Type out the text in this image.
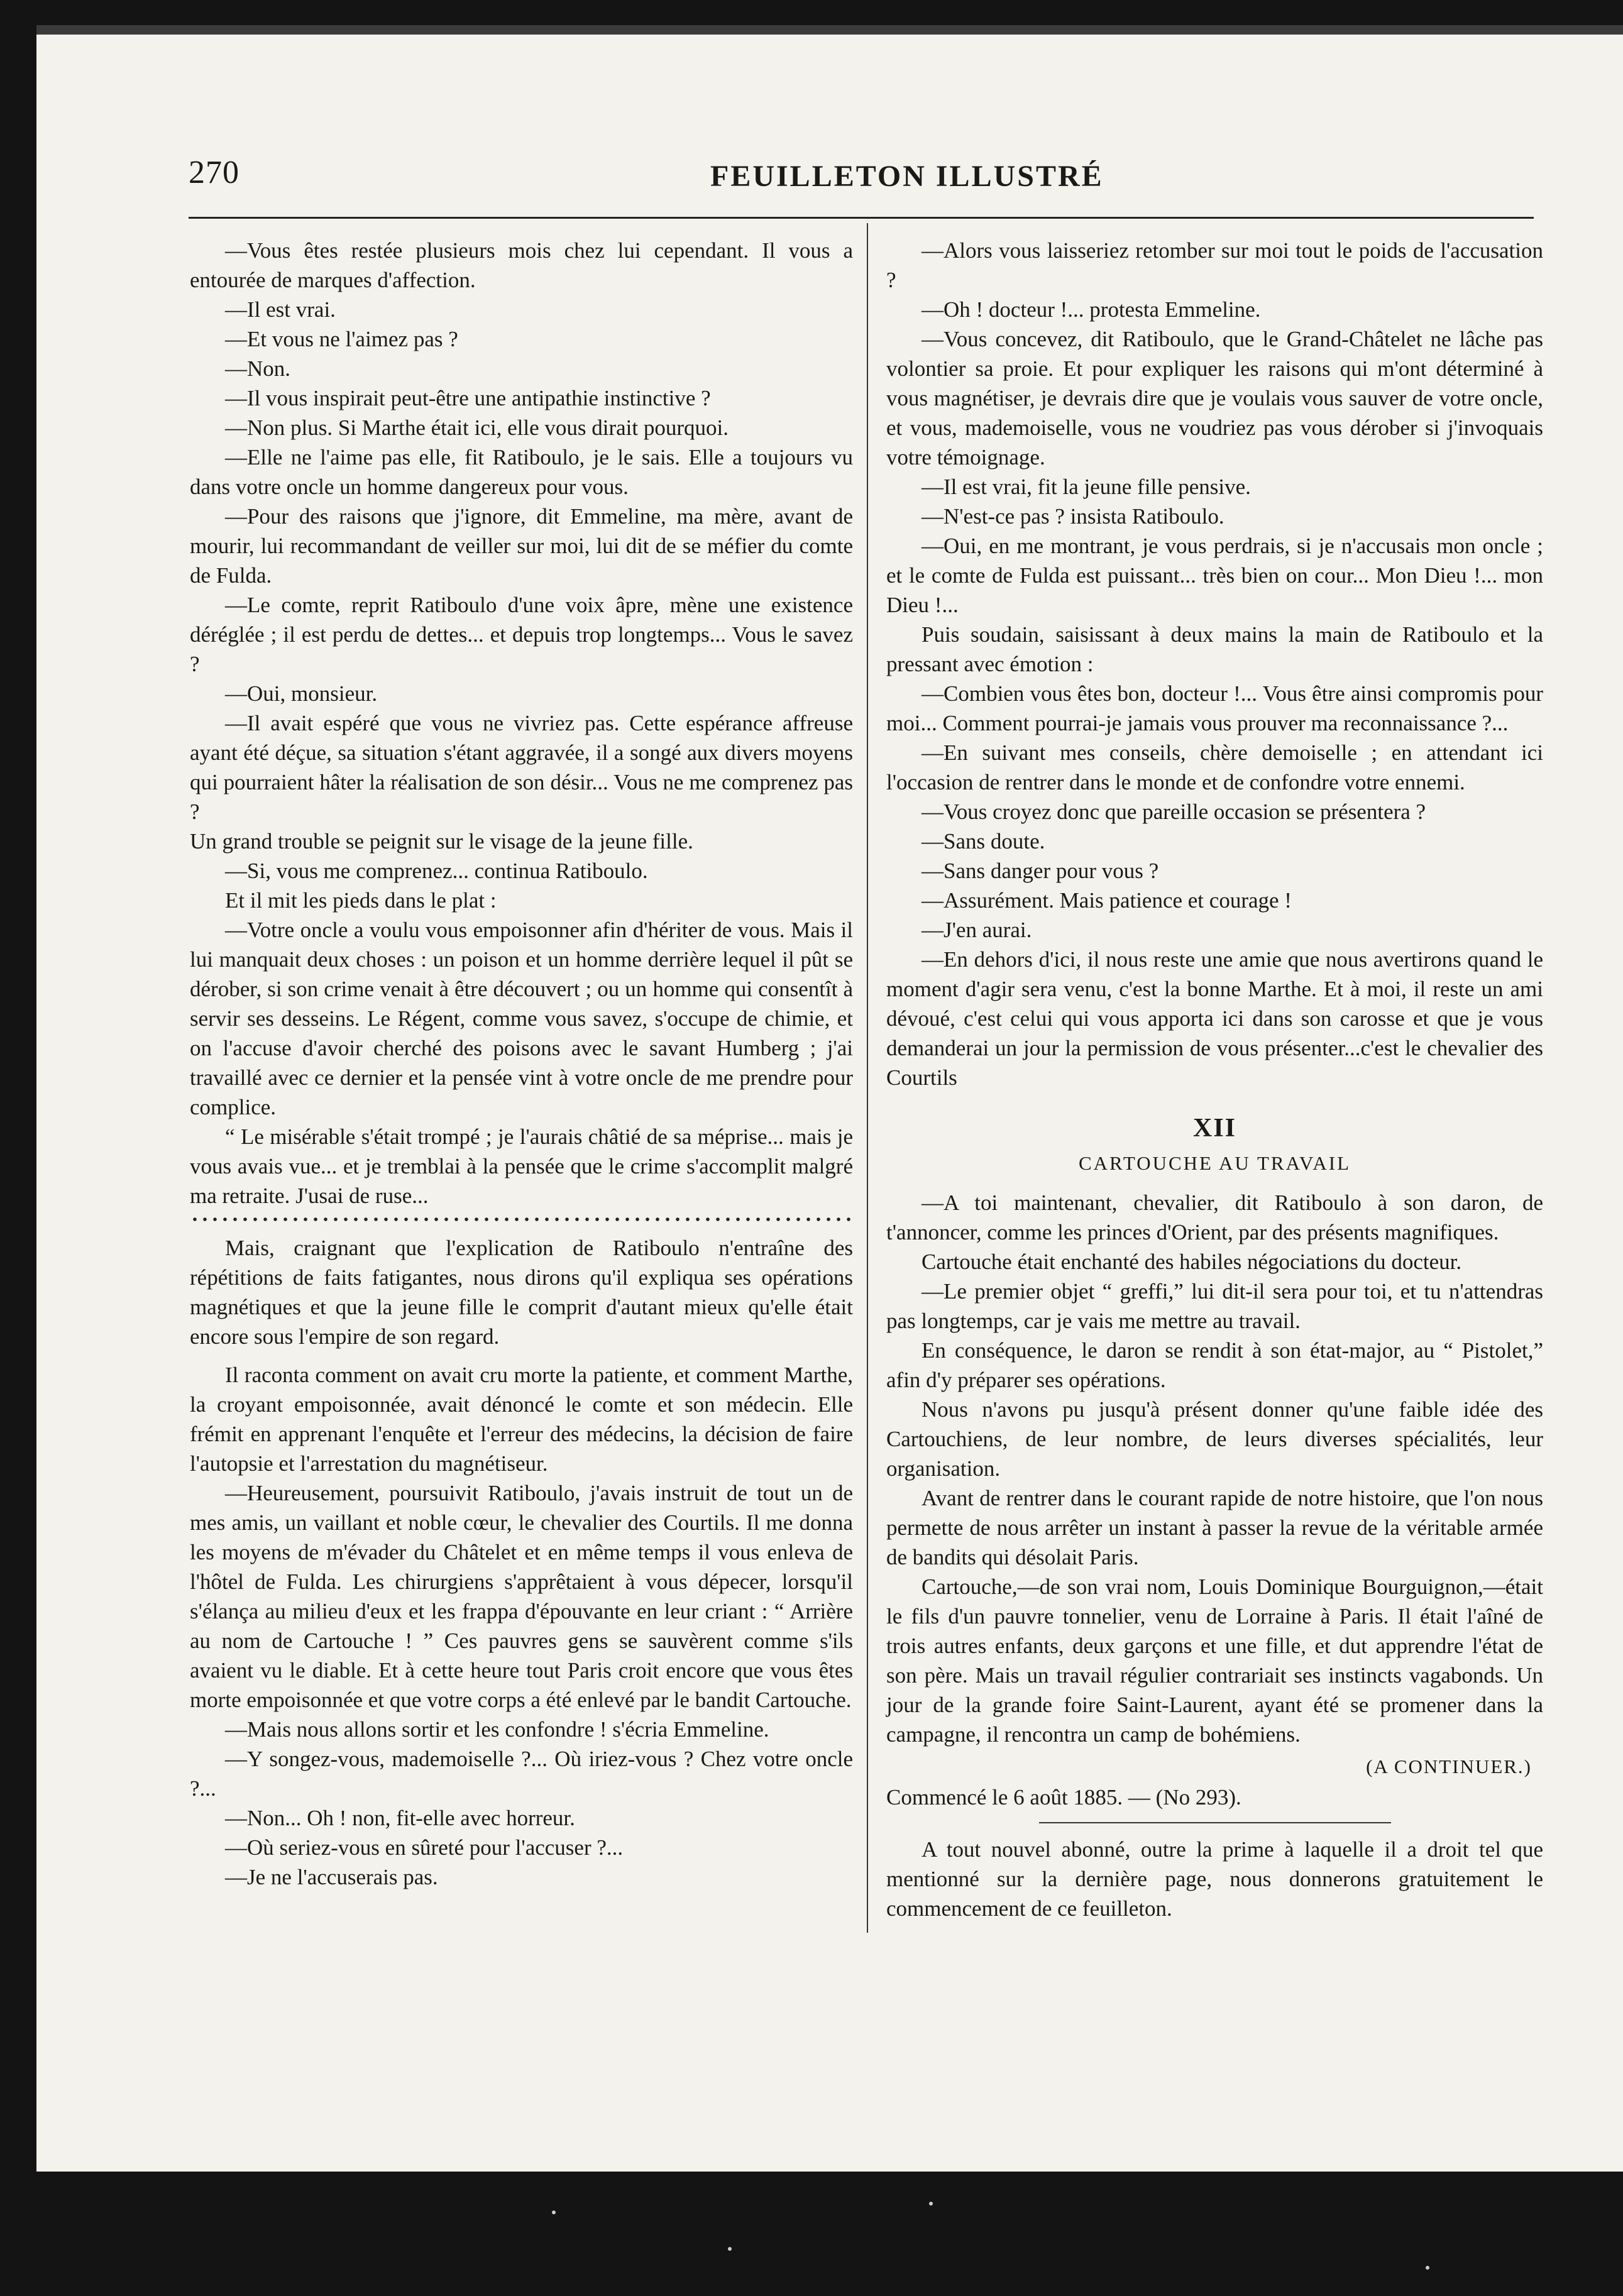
270	FEUILLETON ILLUSTRÉ

—Vous êtes restée plusieurs mois chez lui cependant. Il vous a entourée de marques d'affection.

—Il est vrai.

—Et vous ne l'aimez pas ?

—Non.

—Il vous inspirait peut-être une antipathie instinctive ?

—Non plus. Si Marthe était ici, elle vous dirait pourquoi.

—Elle ne l'aime pas elle, fit Ratiboulo, je le sais. Elle a toujours vu dans votre oncle un homme dangereux pour vous.

—Pour des raisons que j'ignore, dit Emmeline, ma mère, avant de mourir, lui recommandant de veiller sur moi, lui dit de se méfier du comte de Fulda.

—Le comte, reprit Ratiboulo d'une voix âpre, mène une existence déréglée ; il est perdu de dettes... et depuis trop longtemps... Vous le savez ?

—Oui, monsieur.

—Il avait espéré que vous ne vivriez pas. Cette espérance affreuse ayant été déçue, sa situation s'étant aggravée, il a songé aux divers moyens qui pourraient hâter la réalisation de son désir... Vous ne me comprenez pas ?

Un grand trouble se peignit sur le visage de la jeune fille.

—Si, vous me comprenez... continua Ratiboulo.

Et il mit les pieds dans le plat :

—Votre oncle a voulu vous empoisonner afin d'hériter de vous. Mais il lui manquait deux choses : un poison et un homme derrière lequel il pût se dérober, si son crime venait à être découvert ; ou un homme qui consentît à servir ses desseins. Le Régent, comme vous savez, s'occupe de chimie, et on l'accuse d'avoir cherché des poisons avec le savant Humberg ; j'ai travaillé avec ce dernier et la pensée vint à votre oncle de me prendre pour complice.

“ Le misérable s'était trompé ; je l'aurais châtié de sa méprise... mais je vous avais vue... et je tremblai à la pensée que le crime s'accomplit malgré ma retraite. J'usai de ruse...

Mais, craignant que l'explication de Ratiboulo n'entraîne des répétitions de faits fatigantes, nous dirons qu'il expliqua ses opérations magnétiques et que la jeune fille le comprit d'autant mieux qu'elle était encore sous l'empire de son regard.

Il raconta comment on avait cru morte la patiente, et comment Marthe, la croyant empoisonnée, avait dénoncé le comte et son médecin. Elle frémit en apprenant l'enquête et l'erreur des médecins, la décision de faire l'autopsie et l'arrestation du magnétiseur.

—Heureusement, poursuivit Ratiboulo, j'avais instruit de tout un de mes amis, un vaillant et noble cœur, le chevalier des Courtils. Il me donna les moyens de m'évader du Châtelet et en même temps il vous enleva de l'hôtel de Fulda. Les chirurgiens s'apprêtaient à vous dépecer, lorsqu'il s'élança au milieu d'eux et les frappa d'épouvante en leur criant : “ Arrière au nom de Cartouche ! ” Ces pauvres gens se sauvèrent comme s'ils avaient vu le diable. Et à cette heure tout Paris croit encore que vous êtes morte empoisonnée et que votre corps a été enlevé par le bandit Cartouche.

—Mais nous allons sortir et les confondre ! s'écria Emmeline.

—Y songez-vous, mademoiselle ?... Où iriez-vous ? Chez votre oncle ?...

—Non... Oh ! non, fit-elle avec horreur.

—Où seriez-vous en sûreté pour l'accuser ?...

—Je ne l'accuserais pas.

—Alors vous laisseriez retomber sur moi tout le poids de l'accusation ?

—Oh ! docteur !... protesta Emmeline.

—Vous concevez, dit Ratiboulo, que le Grand-Châtelet ne lâche pas volontier sa proie. Et pour expliquer les raisons qui m'ont déterminé à vous magnétiser, je devrais dire que je voulais vous sauver de votre oncle, et vous, mademoiselle, vous ne voudriez pas vous dérober si j'invoquais votre témoignage.

—Il est vrai, fit la jeune fille pensive.

—N'est-ce pas ? insista Ratiboulo.

—Oui, en me montrant, je vous perdrais, si je n'accusais mon oncle ; et le comte de Fulda est puissant... très bien on cour... Mon Dieu !... mon Dieu !...

Puis soudain, saisissant à deux mains la main de Ratiboulo et la pressant avec émotion :

—Combien vous êtes bon, docteur !... Vous être ainsi compromis pour moi... Comment pourrai-je jamais vous prouver ma reconnaissance ?...

—En suivant mes conseils, chère demoiselle ; en attendant ici l'occasion de rentrer dans le monde et de confondre votre ennemi.

—Vous croyez donc que pareille occasion se présentera ?

—Sans doute.

—Sans danger pour vous ?

—Assurément. Mais patience et courage !

—J'en aurai.

—En dehors d'ici, il nous reste une amie que nous avertirons quand le moment d'agir sera venu, c'est la bonne Marthe. Et à moi, il reste un ami dévoué, c'est celui qui vous apporta ici dans son carosse et que je vous demanderai un jour la permission de vous présenter...c'est le chevalier des Courtils

XII
CARTOUCHE AU TRAVAIL

—A toi maintenant, chevalier, dit Ratiboulo à son daron, de t'annoncer, comme les princes d'Orient, par des présents magnifiques.

Cartouche était enchanté des habiles négociations du docteur.

—Le premier objet “ greffi,” lui dit-il sera pour toi, et tu n'attendras pas longtemps, car je vais me mettre au travail.

En conséquence, le daron se rendit à son état-major, au “ Pistolet,” afin d'y préparer ses opérations.

Nous n'avons pu jusqu'à présent donner qu'une faible idée des Cartouchiens, de leur nombre, de leurs diverses spécialités, leur organisation.

Avant de rentrer dans le courant rapide de notre histoire, que l'on nous permette de nous arrêter un instant à passer la revue de la véritable armée de bandits qui désolait Paris.

Cartouche,—de son vrai nom, Louis Dominique Bourguignon,—était le fils d'un pauvre tonnelier, venu de Lorraine à Paris. Il était l'aîné de trois autres enfants, deux garçons et une fille, et dut apprendre l'état de son père. Mais un travail régulier contrariait ses instincts vagabonds. Un jour de la grande foire Saint-Laurent, ayant été se promener dans la campagne, il rencontra un camp de bohémiens.

(A CONTINUER.)

Commencé le 6 août 1885. — (No 293).

A tout nouvel abonné, outre la prime à laquelle il a droit tel que mentionné sur la dernière page, nous donnerons gratuitement le commencement de ce feuilleton.
